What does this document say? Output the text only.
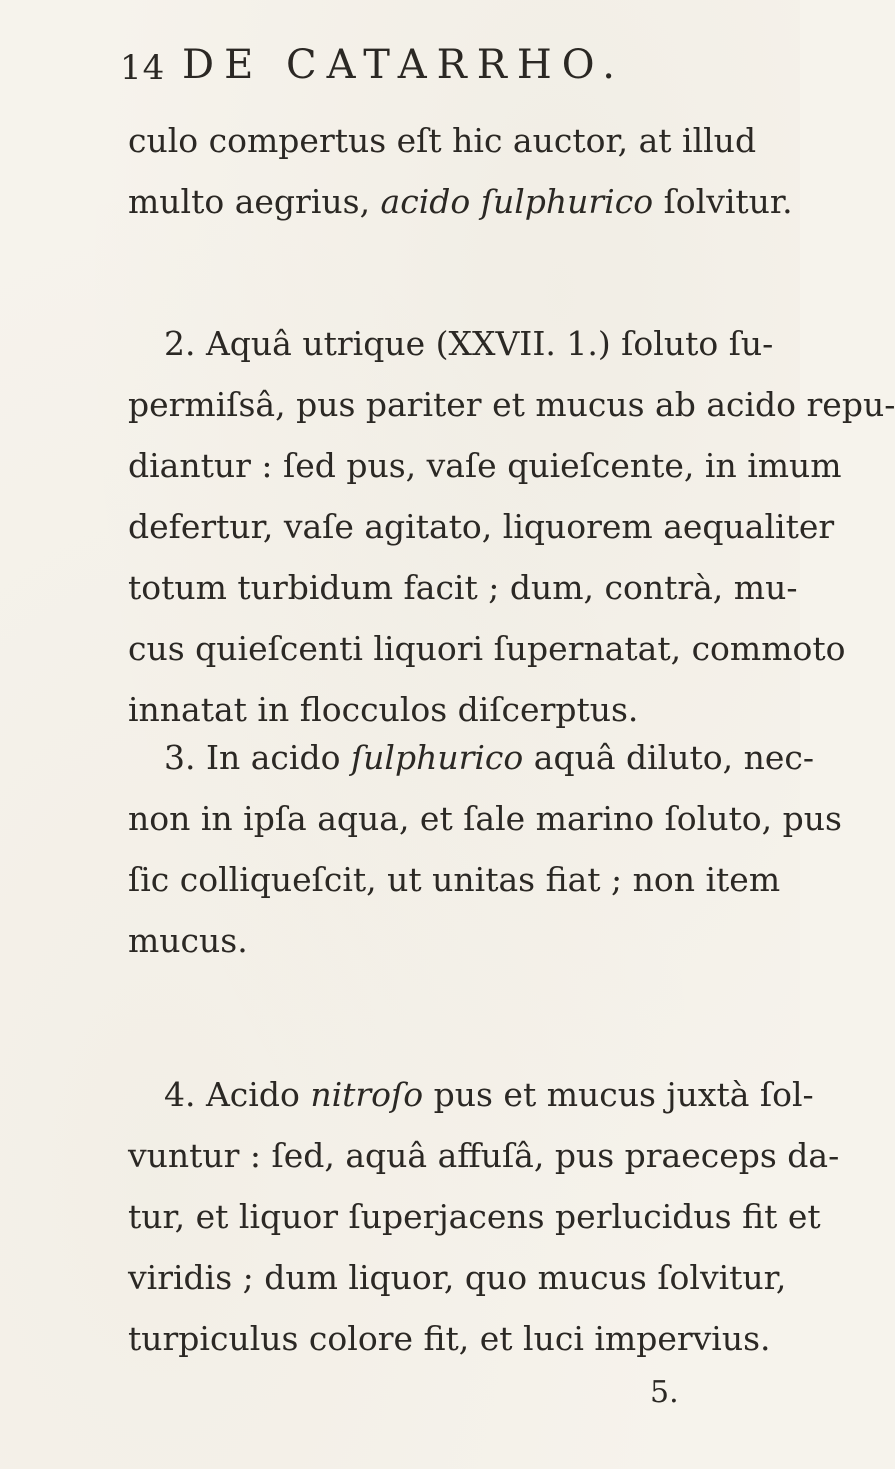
14 DE CATARRHO.
culo compertus eſt hic auctor, at illud
multo aegrius, acido ſulphurico ſolvitur.
2. Aquâ utrique (XXVII. 1.) ſoluto ſu-
permiſsâ, pus pariter et mucus ab acido repu-
diantur : ſed pus, vaſe quieſcente, in imum
defertur, vaſe agitato, liquorem aequaliter
totum turbidum facit ; dum, contrà, mu-
cus quieſcenti liquori ſupernatat, commoto
innatat in flocculos diſcerptus.
3. In acido ſulphurico aquâ diluto, nec-
non in ipſa aqua, et ſale marino ſoluto, pus
ſic colliqueſcit, ut unitas fiat ; non item
mucus.
4. Acido nitroſo pus et mucus juxtà ſol-
vuntur : ſed, aquâ affuſâ, pus praeceps da-
tur, et liquor ſuperjacens perlucidus fit et
viridis ; dum liquor, quo mucus ſolvitur,
turpiculus colore fit, et luci impervius.
5.
